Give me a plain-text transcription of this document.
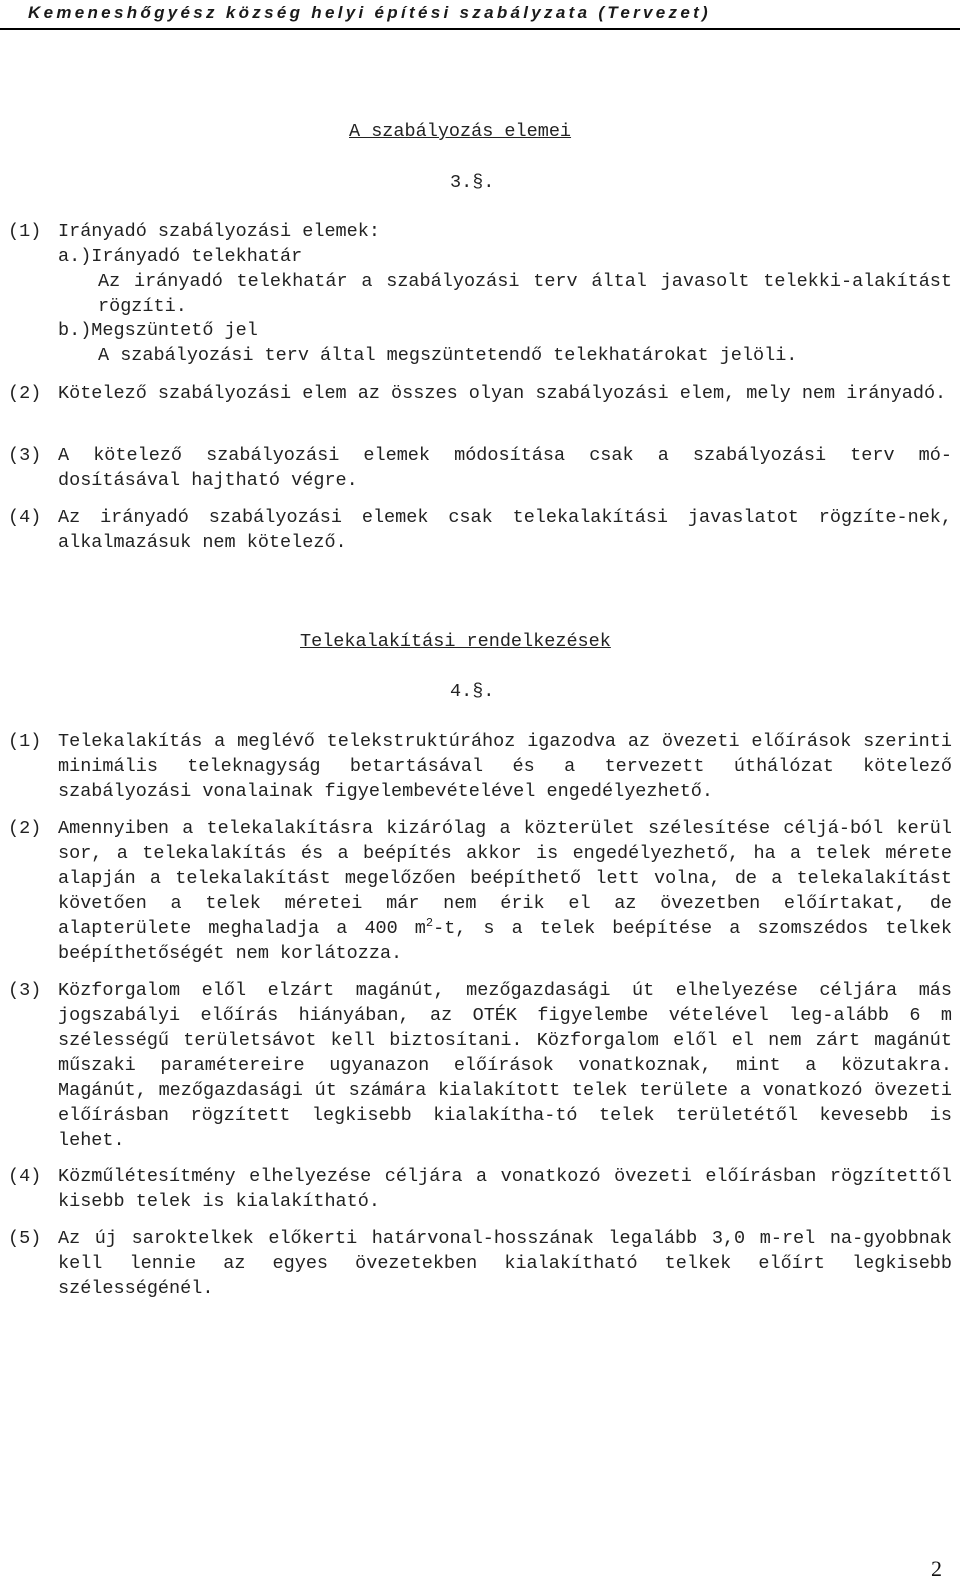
Kemeneshőgyész község helyi építési szabályzata (Tervezet)
A szabályozás elemei
3.§.
(1) Irányadó szabályozási elemek:
a.)Irányadó telekhatár
Az irányadó telekhatár a szabályozási terv által javasolt telekki-alakítást rögzíti.
b.)Megszüntető jel
A szabályozási terv által megszüntetendő telekhatárokat jelöli.
(2) Kötelező szabályozási elem az összes olyan szabályozási elem, mely nem irányadó.
(3) A kötelező szabályozási elemek módosítása csak a szabályozási terv mó-dosításával hajtható végre.
(4) Az irányadó szabályozási elemek csak telekalakítási javaslatot rögzíte-nek, alkalmazásuk nem kötelező.
Telekalakítási rendelkezések
4.§.
(1) Telekalakítás a meglévő telekstruktúrához igazodva az övezeti előírások szerinti minimális teleknagyság betartásával és a tervezett úthálózat kötelező szabályozási vonalainak figyelembevételével engedélyezhető.
(2) Amennyiben a telekalakításra kizárólag a közterület szélesítése céljá-ból kerül sor, a telekalakítás és a beépítés akkor is engedélyezhető, ha a telek mérete alapján a telekalakítást megelőzően beépíthető lett volna, de a telekalakítást követően a telek méretei már nem érik el az övezetben előírtakat, de alapterülete meghaladja a 400 $m^2-t$, s a telek beépítése a szomszédos telkek beépíthetőségét nem korlátozza.
(3) Közforgalom elől elzárt magánút, mezőgazdasági út elhelyezése céljára más jogszabályi előírás hiányában, az OTÉK figyelembe vételével leg-alább 6 m szélességű területsávot kell biztosítani. Közforgalom elől el nem zárt magánút műszaki paramétereire ugyanazon előírások vonatkoznak, mint a közutakra. Magánút, mezőgazdasági út számára kialakított telek területe a vonatkozó övezeti előírásban rögzített legkisebb kialakítha-tó telek területétől kevesebb is lehet.
(4) Közműlétesítmény elhelyezése céljára a vonatkozó övezeti előírásban rögzítettől kisebb telek is kialakítható.
(5) Az új saroktelkek előkerti határvonal-hosszának legalább 3,0 m-rel na-gyobbnak kell lennie az egyes övezetekben kialakítható telkek előírt legkisebb szélességénél.
2
